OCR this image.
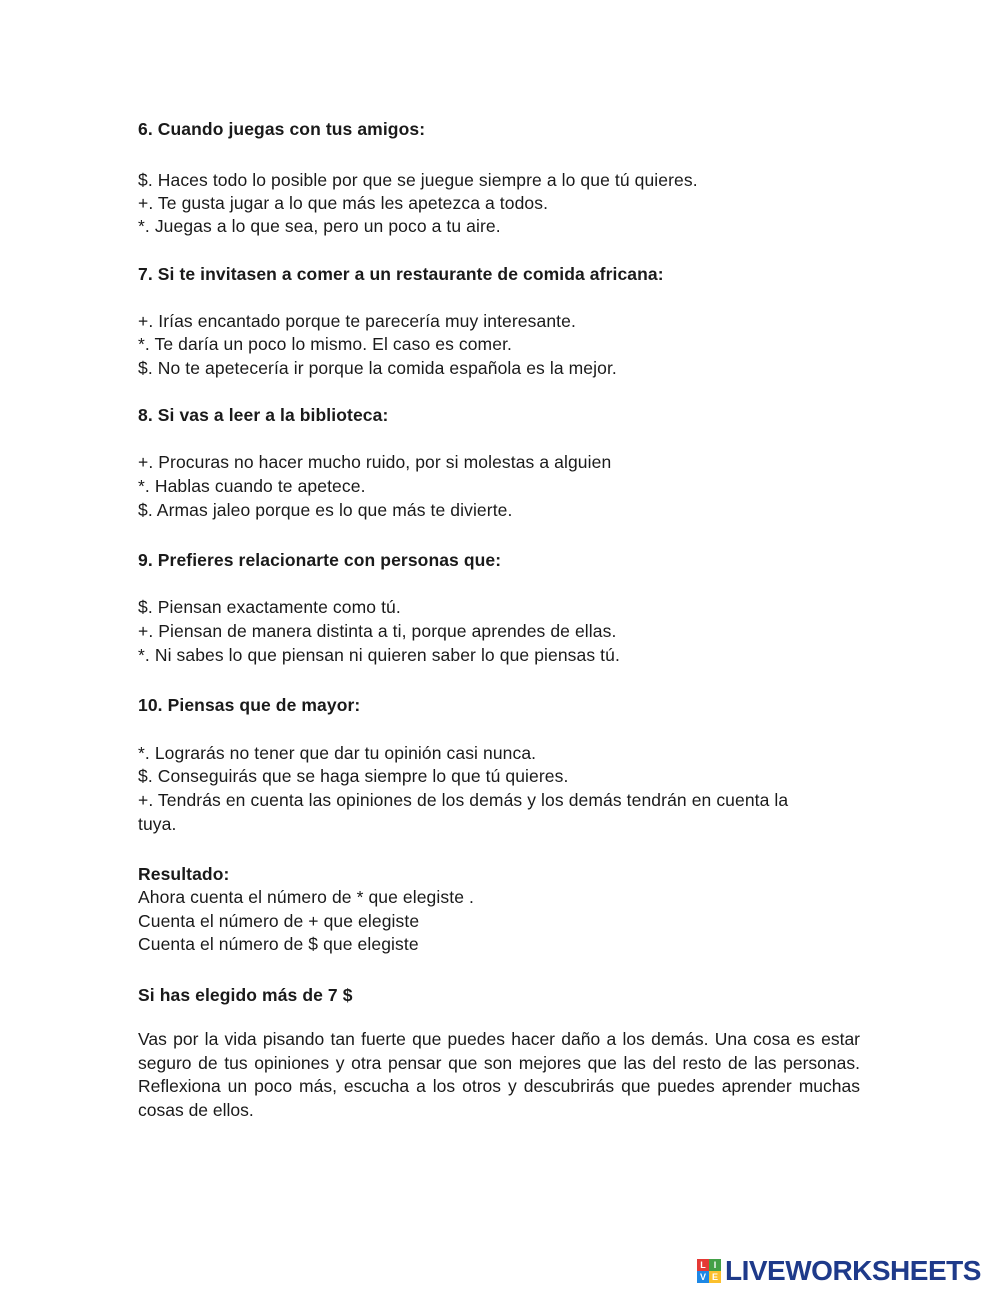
6. Cuando juegas con tus amigos:
$. Haces todo lo posible por que se juegue siempre a lo que tú quieres.
+. Te gusta jugar a lo que más les apetezca a todos.
*. Juegas a lo que sea, pero un poco a tu aire.
7. Si te invitasen a comer a un restaurante de comida africana:
+. Irías encantado porque te parecería muy interesante.
*. Te daría un poco lo mismo. El caso es comer.
$. No te apetecería ir porque la comida española es la mejor.
8. Si vas a leer a la biblioteca:
+. Procuras no hacer mucho ruido, por si molestas a alguien
*. Hablas cuando te apetece.
$. Armas jaleo porque es lo que más te divierte.
9. Prefieres relacionarte con personas que:
$. Piensan exactamente como tú.
+. Piensan de manera distinta a ti, porque aprendes de ellas.
*. Ni sabes lo que piensan ni quieren saber lo que piensas tú.
10. Piensas que de mayor:
*. Lograrás no tener que dar tu opinión casi nunca.
$. Conseguirás que se haga siempre lo que tú quieres.
+. Tendrás en cuenta las opiniones de los demás y los demás tendrán en cuenta la
tuya.
Resultado:
Ahora cuenta el número de * que elegiste .
Cuenta el número de + que elegiste
Cuenta el número de $ que elegiste
Si has elegido más de 7 $
Vas por la vida pisando tan fuerte que puedes hacer daño a los demás. Una cosa es estar seguro de tus opiniones y otra pensar que son mejores que las del resto de las personas. Reflexiona un poco más, escucha a los otros y descubrirás que puedes aprender muchas cosas de ellos.
L I
V E LIVEWORKSHEETS
